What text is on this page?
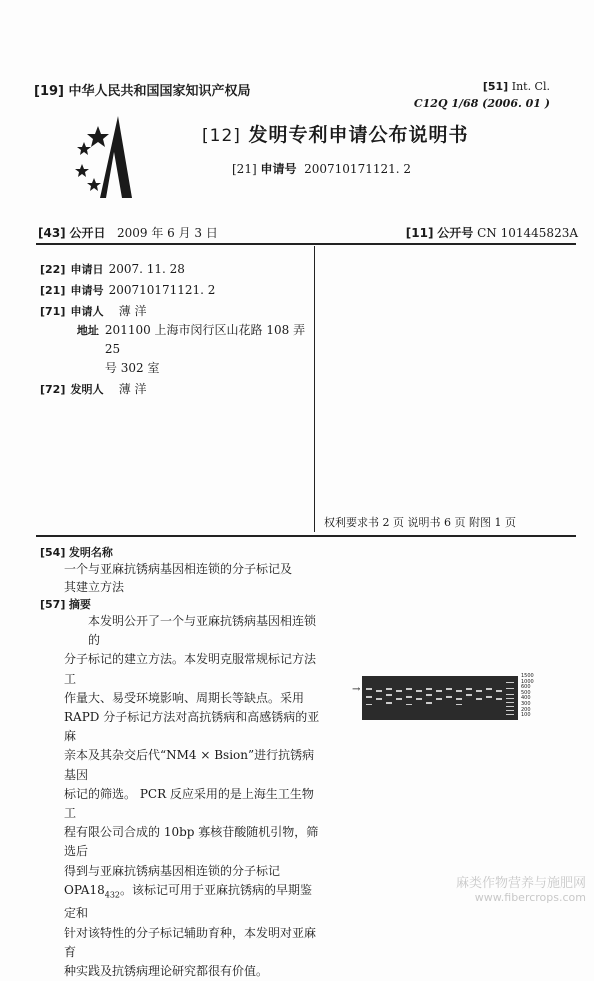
[19] 中华人民共和国国家知识产权局	[51] Int. Cl.
C12Q 1/68 (2006. 01 )
[12] 发明专利申请公布说明书
[21] 申请号 200710171121. 2
[43] 公开日 2009 年 6 月 3 日	[11] 公开号 CN 101445823A
[22] 申请日 2007. 11. 28
[21] 申请号 200710171121. 2
[71] 申请人 薄 洋
地址 201100 上海市闵行区山花路 108 弄 25
号 302 室
[72] 发明人 薄 洋
权利要求书 2 页 说明书 6 页 附图 1 页
[54] 发明名称
一个与亚麻抗锈病基因相连锁的分子标记及
其建立方法
[57] 摘要

本发明公开了一个与亚麻抗锈病基因相连锁的

分子标记的建立方法。本发明克服常规标记方法工

作量大、易受环境影响、周期长等缺点。采用

RAPD 分子标记方法对高抗锈病和高感锈病的亚麻

亲本及其杂交后代“NM4 × Bsion”进行抗锈病基因

标记的筛选。 PCR 反应采用的是上海生工生物工

程有限公司合成的 10bp 寡核苷酸随机引物，筛选后

得到与亚麻抗锈病基因相连锁的分子标记

$OPA18_{432}$。该标记可用于亚麻抗锈病的早期鉴定和

针对该特性的分子标记辅助育种，本发明对亚麻育

种实践及抗锈病理论研究都很有价值。

→
1500
1000
600
500
400
300
200
100
麻类作物营养与施肥网
www.fibercrops.com
